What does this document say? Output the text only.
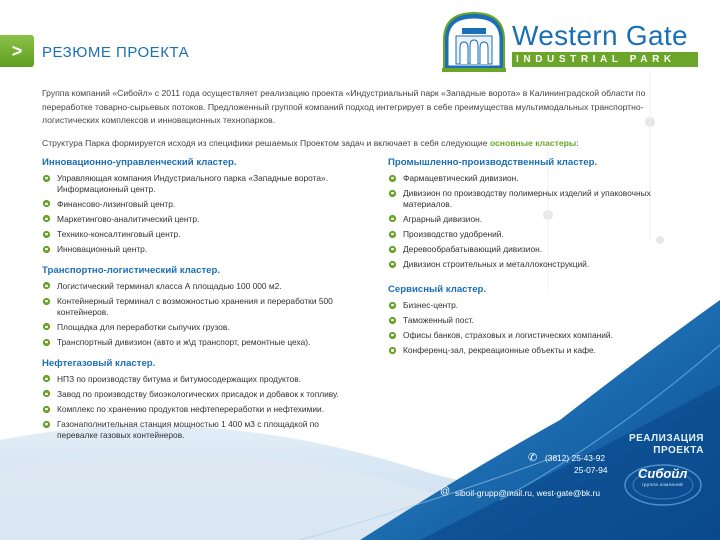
>	РЕЗЮМЕ ПРОЕКТА
Western Gate
INDUSTRIAL PARK

Группа компаний «Сибойл» с 2011 года осуществляет реализацию проекта «Индустриальный парк «Западные ворота» в Калининградской области по переработке товарно-сырьевых потоков. Предложенный группой компаний подход интегрирует в себе преимущества мультимодальных транспортно-логистических комплексов и инновационных технопарков.

Структура Парка формируется исходя из специфики решаемых Проектом задач и включает в себя следующие основные кластеры:

Инновационно-управленческий кластер.
Управляющая компания Индустриального парка «Западные ворота». Информационный центр.
Финансово-лизинговый центр.
Маркетингово-аналитический центр.
Технико-консалтинговый центр.
Инновационный центр.
Транспортно-логистический кластер.
Логистический терминал класса А площадью 100 000 м2.
Контейнерный терминал с возможностью хранения и переработки 500 контейнеров.
Площадка для переработки сыпучих грузов.
Транспортный дивизион (авто и ж\д транспорт, ремонтные цеха).
Нефтегазовый кластер.
НПЗ по производству битума и битумосодержащих продуктов.
Завод по производству биоэкологических присадок и добавок к топливу.
Комплекс по хранению продуктов нефтепереработки и нефтехимии.
Газонаполнительная станция мощностью 1 400 м3 с площадкой по перевалке газовых контейнеров.
Промышленно-производственный кластер.
Фармацевтический дивизион.
Дивизион по производству полимерных изделий и упаковочных материалов.
Аграрный дивизион.
Производство удобрений.
Деревообрабатывающий дивизион.
Дивизион строительных и металлоконструкций.
Сервисный кластер.
Бизнес-центр.
Таможенный пост.
Офисы банков, страховых и логистических компаний.
Конференц-зал, рекреационные объекты и кафе.
РЕАЛИЗАЦИЯ
ПРОЕКТА
✆ (3812) 25-43-92
25-07-94
@ siboil-grupp@mail.ru, west-gate@bk.ru
Сибойл
группа компаний
